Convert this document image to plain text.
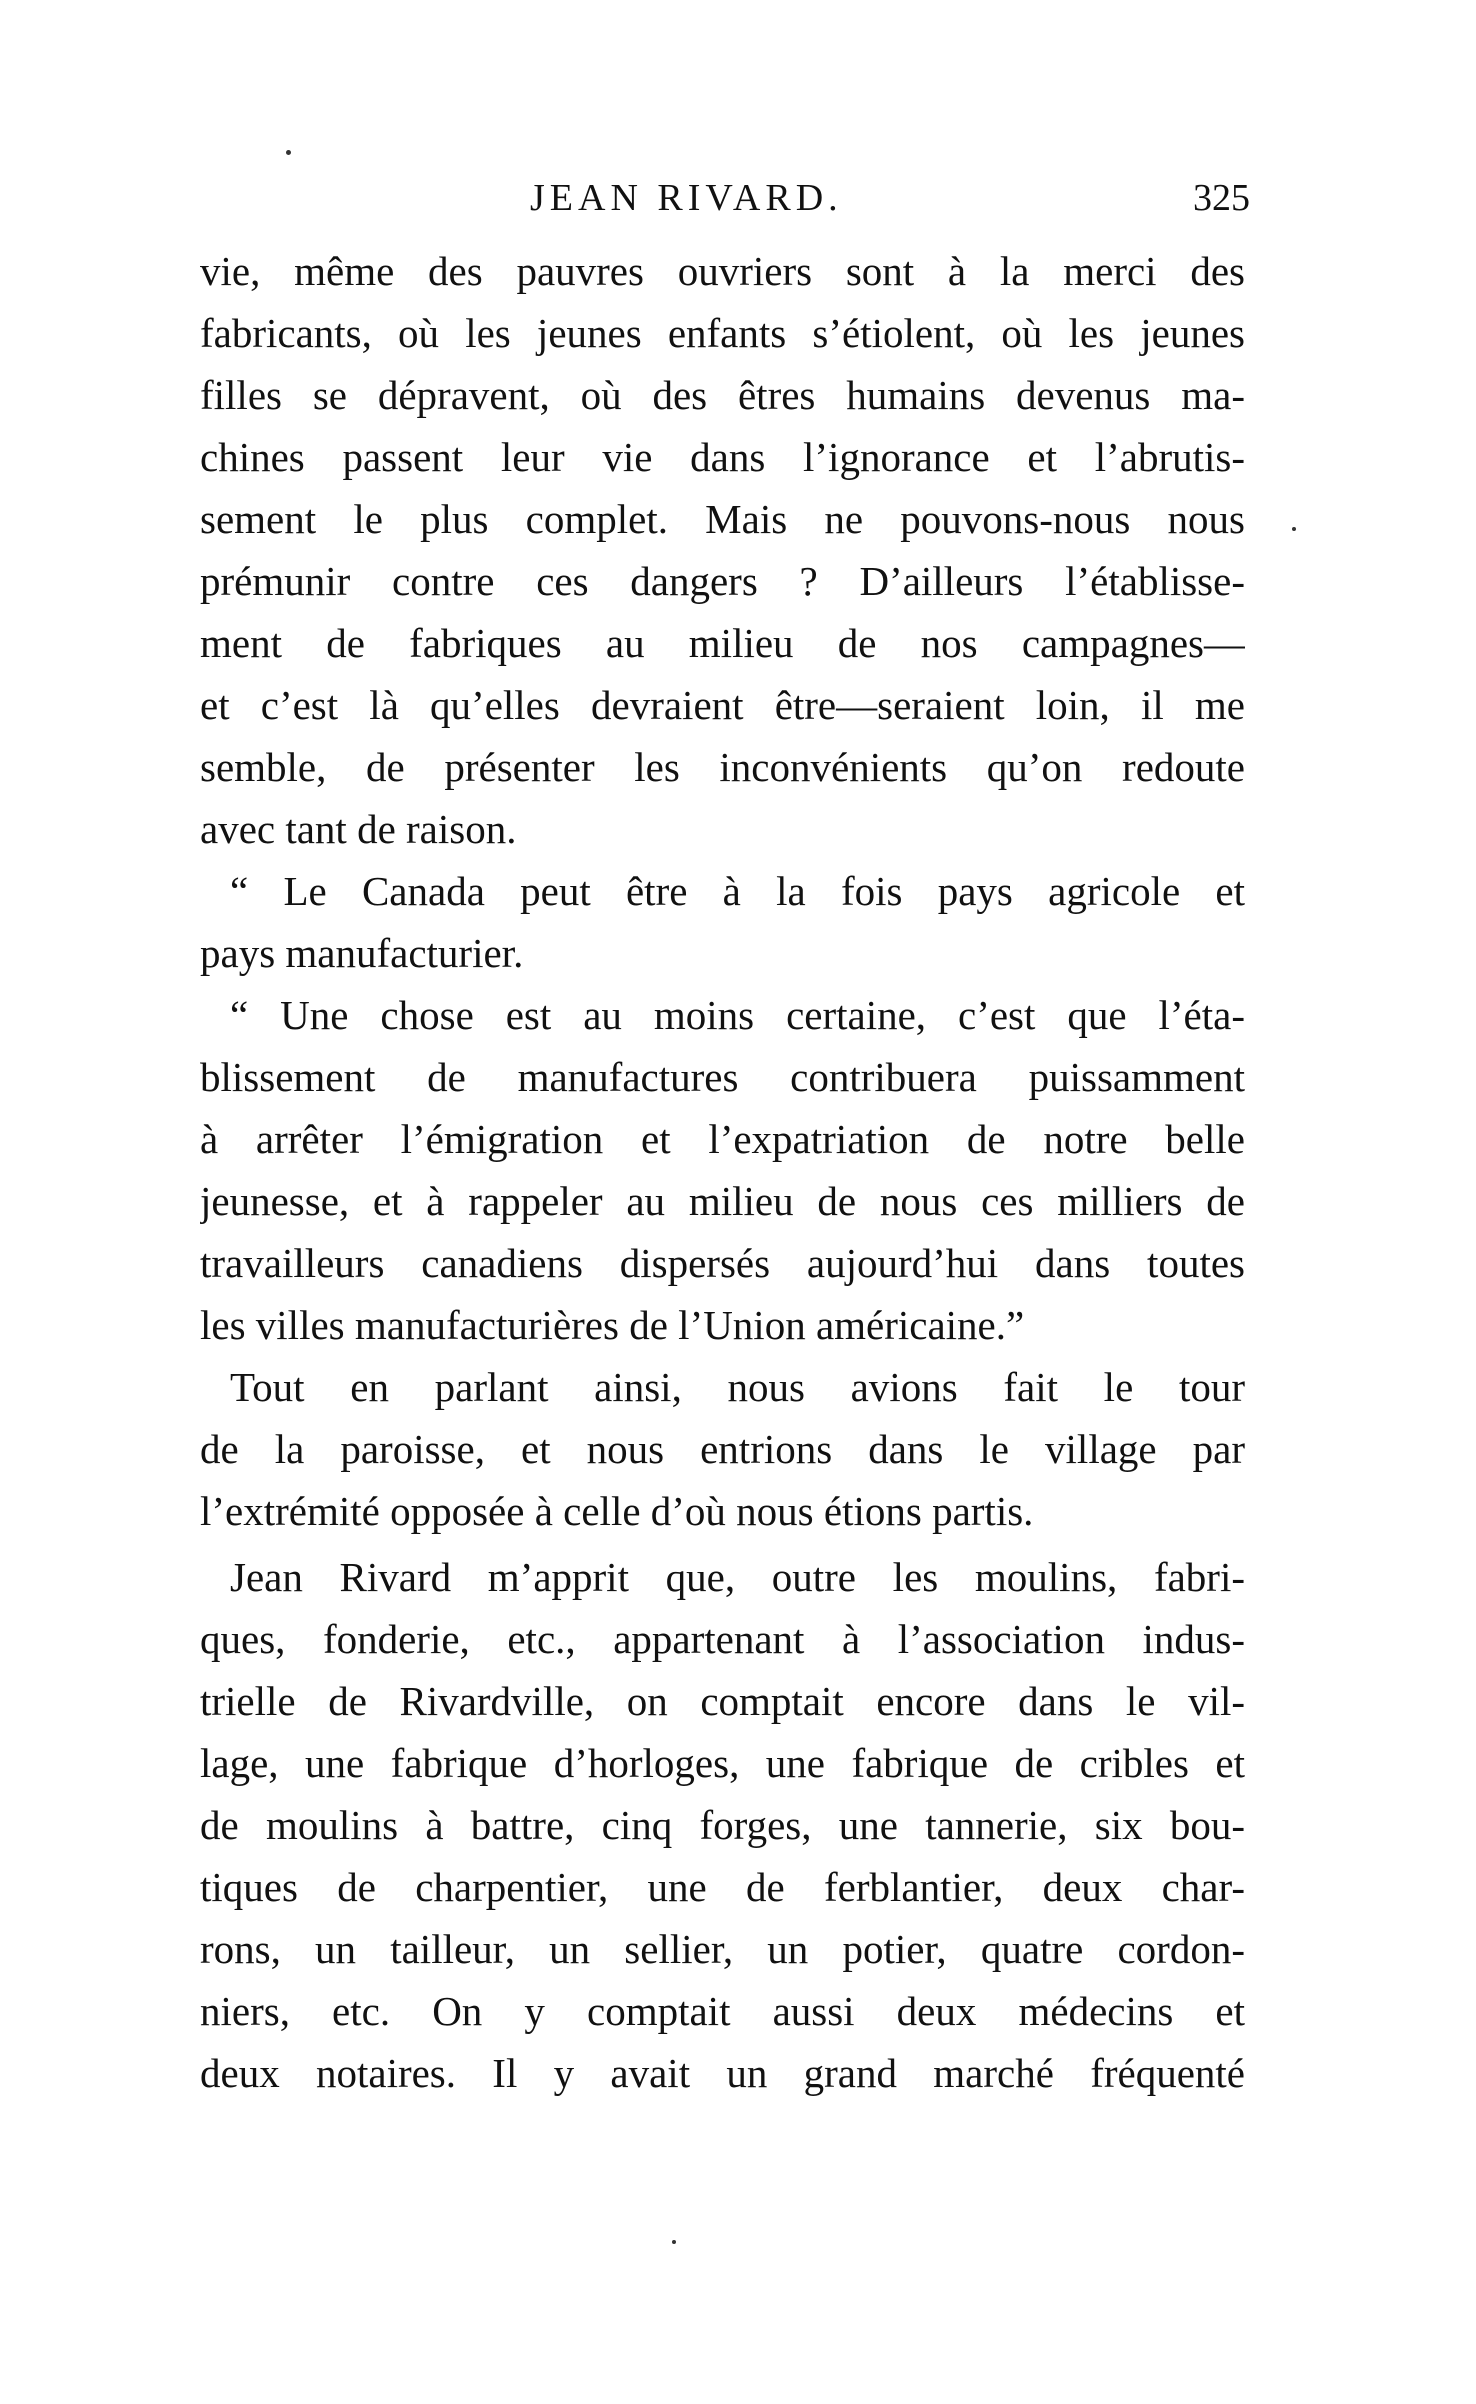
JEAN RIVARD.	325
vie, même des pauvres ouvriers sont à la merci des
fabricants, où les jeunes enfants s’étiolent, où les jeunes
filles se dépravent, où des êtres humains devenus ma-
chines passent leur vie dans l’ignorance et l’abrutis-
sement le plus complet. Mais ne pouvons-nous nous
prémunir contre ces dangers ? D’ailleurs l’établisse-
ment de fabriques au milieu de nos campagnes—
et c’est là qu’elles devraient être—seraient loin, il me
semble, de présenter les inconvénients qu’on redoute
avec tant de raison.
“ Le Canada peut être à la fois pays agricole et
pays manufacturier.
“ Une chose est au moins certaine, c’est que l’éta-
blissement de manufactures contribuera puissamment
à arrêter l’émigration et l’expatriation de notre belle
jeunesse, et à rappeler au milieu de nous ces milliers de
travailleurs canadiens dispersés aujourd’hui dans toutes
les villes manufacturières de l’Union américaine.”
Tout en parlant ainsi, nous avions fait le tour
de la paroisse, et nous entrions dans le village par
l’extrémité opposée à celle d’où nous étions partis.
Jean Rivard m’apprit que, outre les moulins, fabri-
ques, fonderie, etc., appartenant à l’association indus-
trielle de Rivardville, on comptait encore dans le vil-
lage, une fabrique d’horloges, une fabrique de cribles et
de moulins à battre, cinq forges, une tannerie, six bou-
tiques de charpentier, une de ferblantier, deux char-
rons, un tailleur, un sellier, un potier, quatre cordon-
niers, etc. On y comptait aussi deux médecins et
deux notaires. Il y avait un grand marché fréquenté
